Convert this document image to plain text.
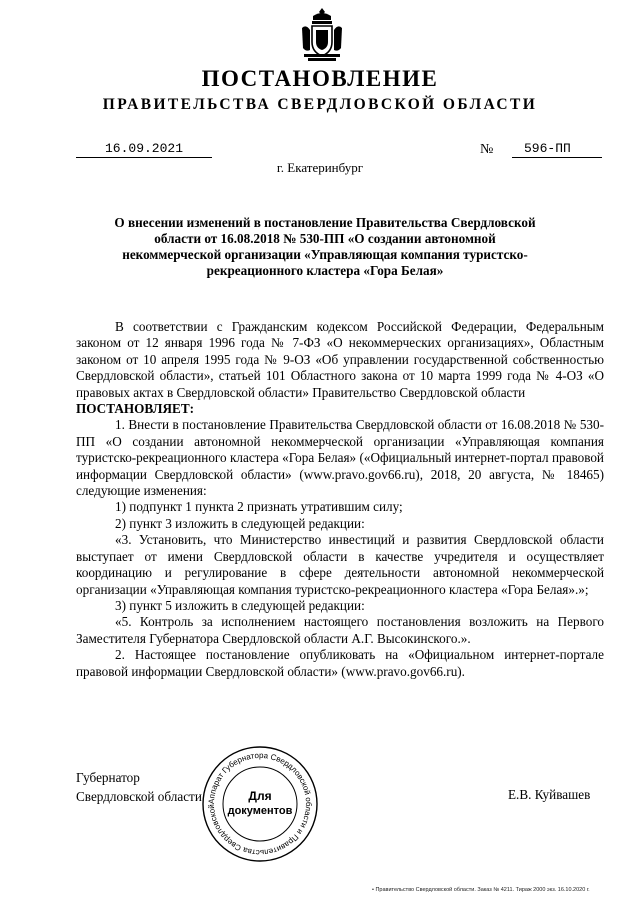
ПОСТАНОВЛЕНИЕ
ПРАВИТЕЛЬСТВА СВЕРДЛОВСКОЙ ОБЛАСТИ
16.09.2021	№	596-ПП
г. Екатеринбург
О внесении изменений в постановление Правительства Свердловской области от 16.08.2018 № 530-ПП «О создании автономной некоммерческой организации «Управляющая компания туристско-рекреационного кластера «Гора Белая»

В соответствии с Гражданским кодексом Российской Федерации, Федеральным законом от 12 января 1996 года № 7-ФЗ «О некоммерческих организациях», Областным законом от 10 апреля 1995 года № 9-ОЗ «Об управлении государственной собственностью Свердловской области», статьей 101 Областного закона от 10 марта 1999 года № 4-ОЗ «О правовых актах в Свердловской области» Правительство Свердловской области

ПОСТАНОВЛЯЕТ:

1. Внести в постановление Правительства Свердловской области от 16.08.2018 № 530-ПП «О создании автономной некоммерческой организации «Управляющая компания туристско-рекреационного кластера «Гора Белая» («Официальный интернет-портал правовой информации Свердловской области» (www.pravo.gov66.ru), 2018, 20 августа, № 18465) следующие изменения:

1) подпункт 1 пункта 2 признать утратившим силу;

2) пункт 3 изложить в следующей редакции:

«3. Установить, что Министерство инвестиций и развития Свердловской области выступает от имени Свердловской области в качестве учредителя и осуществляет координацию и регулирование в сфере деятельности автономной некоммерческой организации «Управляющая компания туристско-рекреационного кластера «Гора Белая».»;

3) пункт 5 изложить в следующей редакции:

«5. Контроль за исполнением настоящего постановления возложить на Первого Заместителя Губернатора Свердловской области А.Г. Высокинского.».

2. Настоящее постановление опубликовать на «Официальном интернет-портале правовой информации Свердловской области» (www.pravo.gov66.ru).

Губернатор
Свердловской области	Е.В. Куйвашев
Аппарат Губернатора Свердловской области и Правительства Свердловской
Для
документов
• Правительство Свердловской области. Заказ № 4211. Тираж 2000 экз. 16.10.2020 г.
